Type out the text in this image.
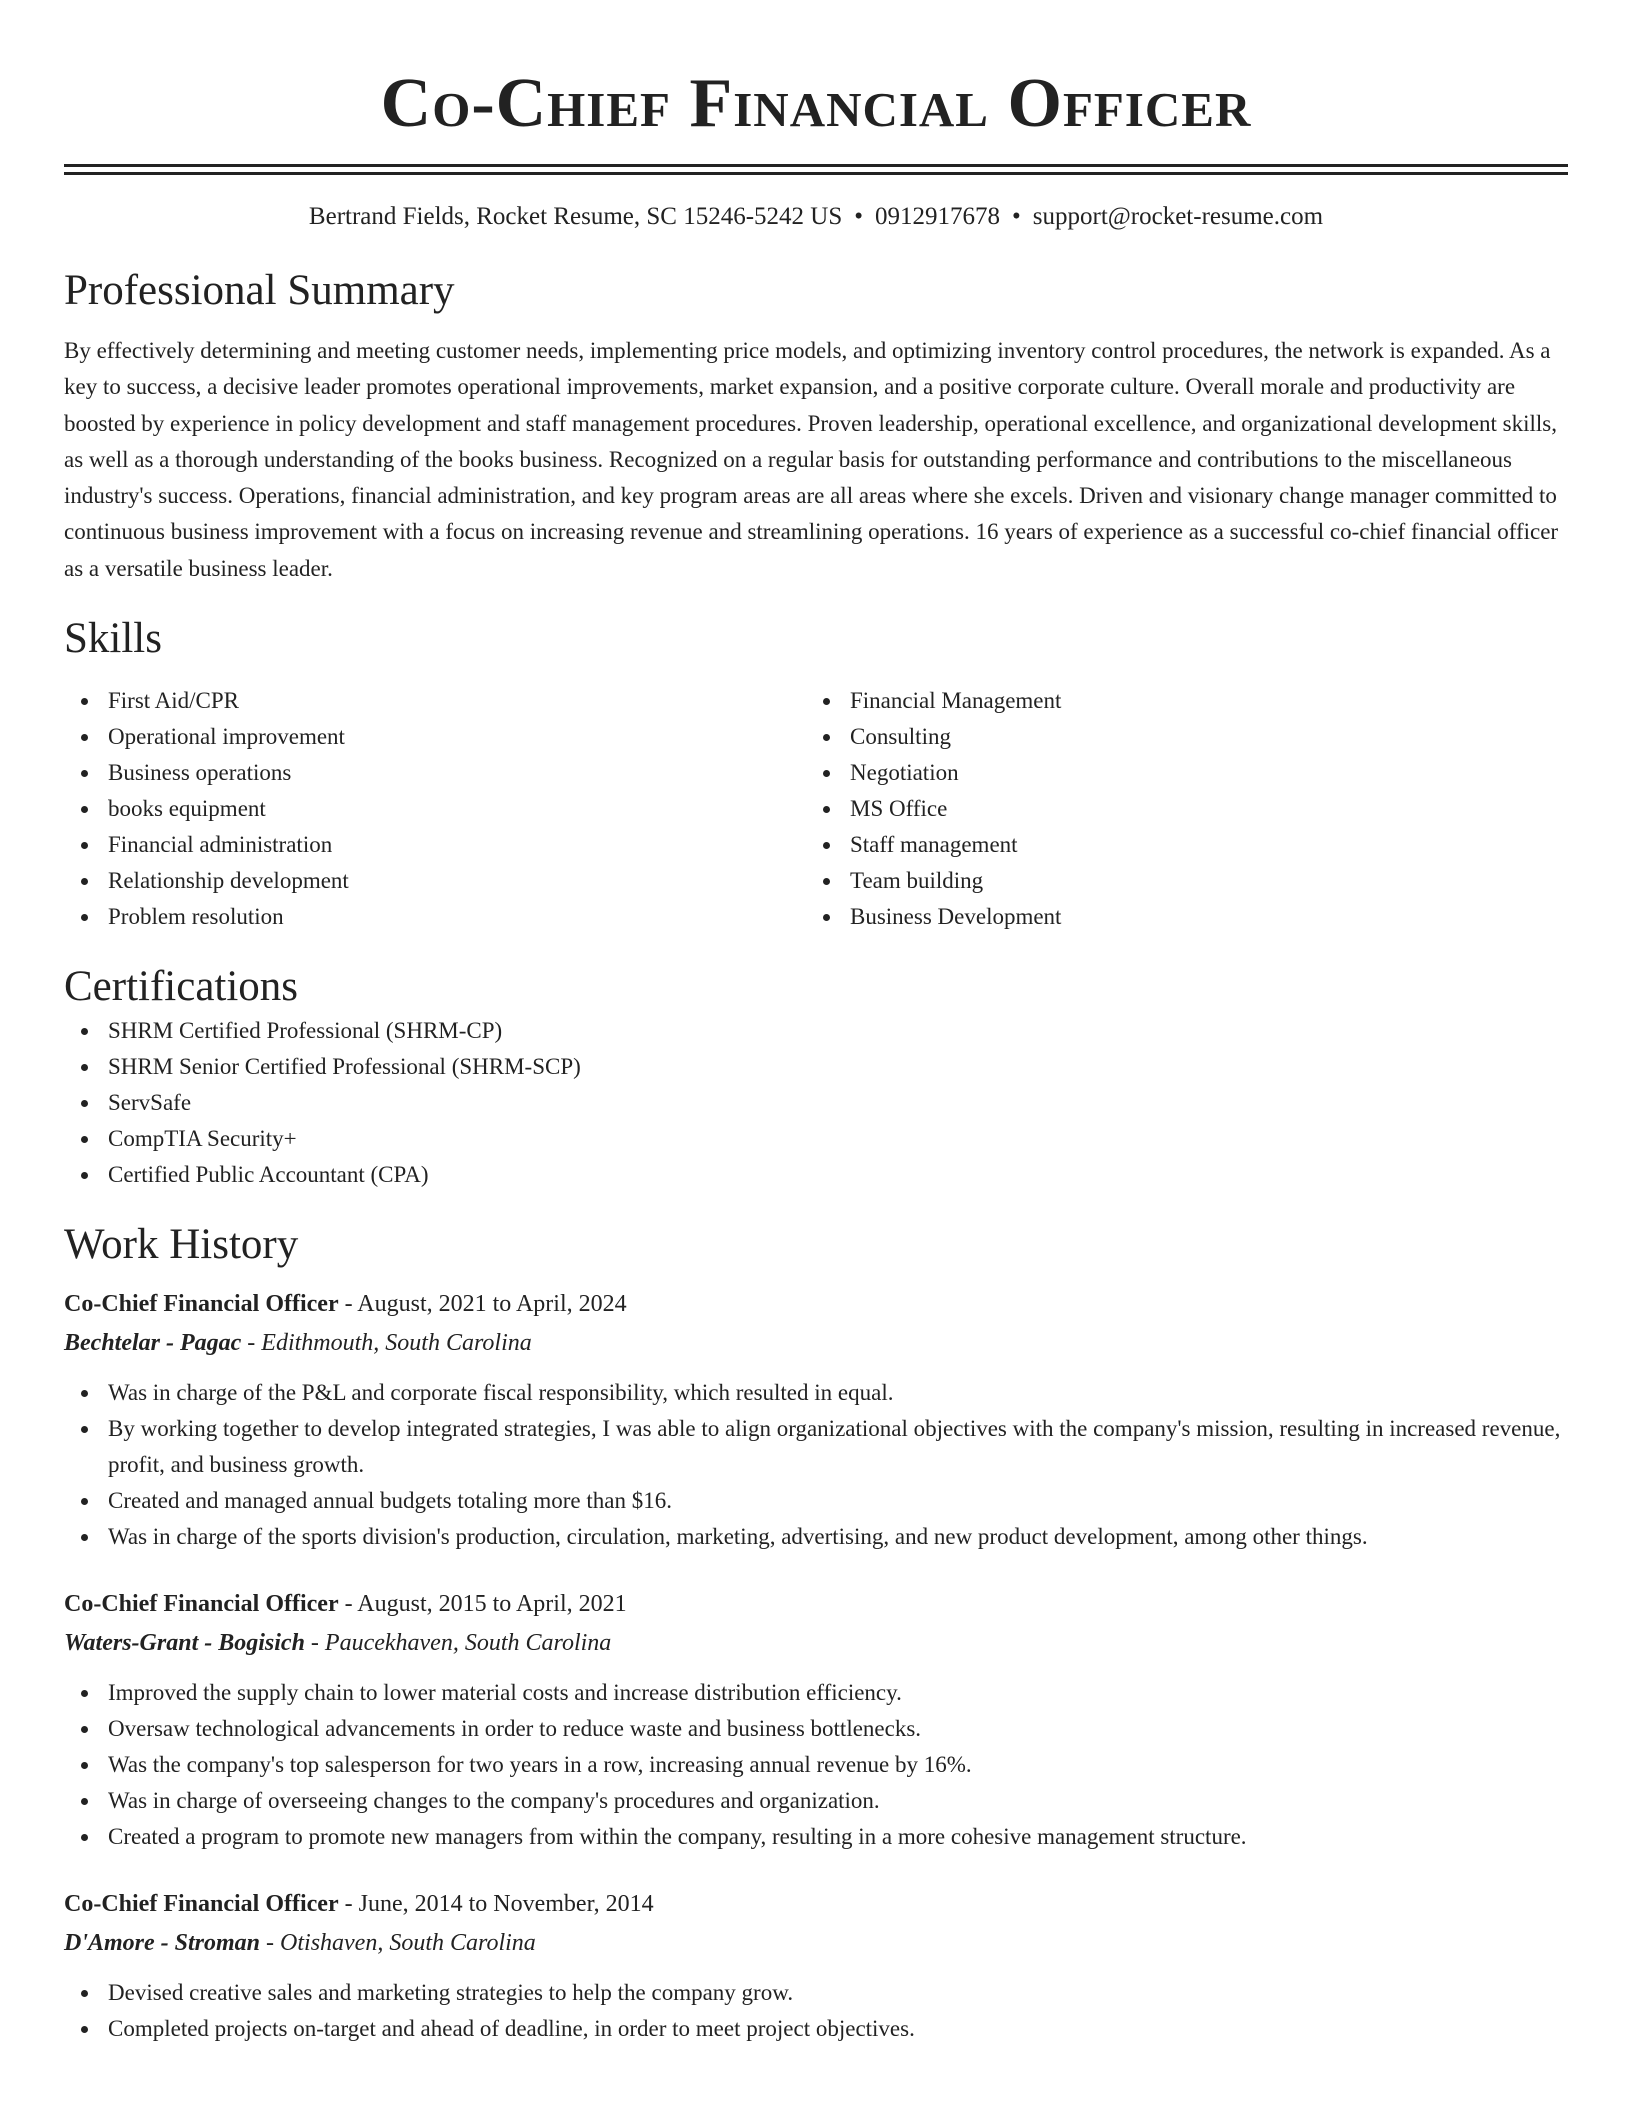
Co-Chief Financial Officer
Bertrand Fields, Rocket Resume, SC 15246-5242 US • 0912917678 • support@rocket-resume.com
Professional Summary
By effectively determining and meeting customer needs, implementing price models, and optimizing inventory control procedures, the network is expanded. As a key to success, a decisive leader promotes operational improvements, market expansion, and a positive corporate culture. Overall morale and productivity are boosted by experience in policy development and staff management procedures. Proven leadership, operational excellence, and organizational development skills, as well as a thorough understanding of the books business. Recognized on a regular basis for outstanding performance and contributions to the miscellaneous industry's success. Operations, financial administration, and key program areas are all areas where she excels. Driven and visionary change manager committed to continuous business improvement with a focus on increasing revenue and streamlining operations. 16 years of experience as a successful co-chief financial officer as a versatile business leader.
Skills
First Aid/CPR
Operational improvement
Business operations
books equipment
Financial administration
Relationship development
Problem resolution
Financial Management
Consulting
Negotiation
MS Office
Staff management
Team building
Business Development
Certifications
SHRM Certified Professional (SHRM-CP)
SHRM Senior Certified Professional (SHRM-SCP)
ServSafe
CompTIA Security+
Certified Public Accountant (CPA)
Work History
Co-Chief Financial Officer - August, 2021 to April, 2024
Bechtelar - Pagac - Edithmouth, South Carolina
Was in charge of the P&L and corporate fiscal responsibility, which resulted in equal.
By working together to develop integrated strategies, I was able to align organizational objectives with the company's mission, resulting in increased revenue, profit, and business growth.
Created and managed annual budgets totaling more than $16.
Was in charge of the sports division's production, circulation, marketing, advertising, and new product development, among other things.
Co-Chief Financial Officer - August, 2015 to April, 2021
Waters-Grant - Bogisich - Paucekhaven, South Carolina
Improved the supply chain to lower material costs and increase distribution efficiency.
Oversaw technological advancements in order to reduce waste and business bottlenecks.
Was the company's top salesperson for two years in a row, increasing annual revenue by 16%.
Was in charge of overseeing changes to the company's procedures and organization.
Created a program to promote new managers from within the company, resulting in a more cohesive management structure.
Co-Chief Financial Officer - June, 2014 to November, 2014
D'Amore - Stroman - Otishaven, South Carolina
Devised creative sales and marketing strategies to help the company grow.
Completed projects on-target and ahead of deadline, in order to meet project objectives.
